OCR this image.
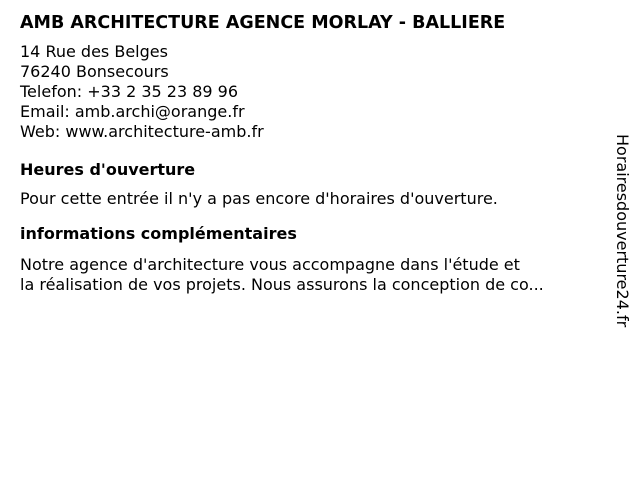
AMB ARCHITECTURE AGENCE MORLAY - BALLIERE
14 Rue des Belges
76240 Bonsecours
Telefon: +33 2 35 23 89 96
Email: amb.archi@orange.fr
Web: www.architecture-amb.fr
Heures d'ouverture
Pour cette entrée il n'y a pas encore d'horaires d'ouverture.
informations complémentaires
Notre agence d'architecture vous accompagne dans l'étude et
la réalisation de vos projets. Nous assurons la conception de co...	Horairesdouverture24.fr
